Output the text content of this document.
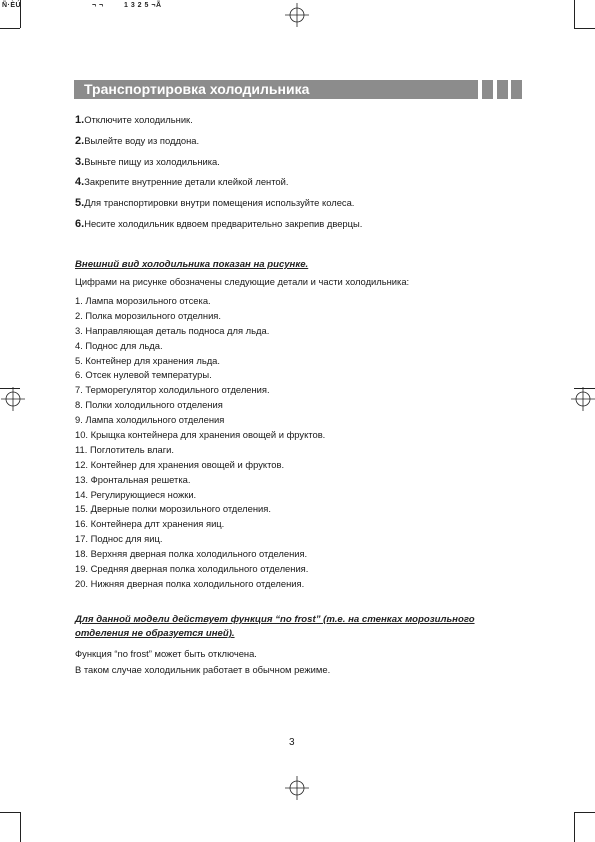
Ñ·ÈÚ	¬ ¬	1 3 2 5 ¬Ã
Транспортировка холодильника
1.Отключите холодильник.
2.Вылейте воду из поддона.
3.Выньте пищу из холодильника.
4.Закрепите внутренние детали клейкой лентой.
5.Для транспортировки внутри помещения используйте колеса.
6.Несите холодильник вдвоем предварительно закрепив дверцы.
Внешний вид холодильника показан на рисунке.
Цифрами на рисунке обозначены следующие детали и части холодильника:
1. Лампа морозильного отсека.
2. Полка морозильного отделния.
3. Направляющая деталь подноса для льда.
4. Поднос для льда.
5. Контейнер для хранения льда.
6. Отсек нулевой температуры.
7. Терморегулятор холодильного отделения.
8. Полки холодильного отделения
9. Лампа холодильного отделения
10. Крыщка контейнера для хранения овощей и фруктов.
11. Поглотитель влаги.
12. Контейнер для хранения овощей и фруктов.
13. Фронтальная решетка.
14. Регулирующиеся ножки.
15. Дверные полки морозильного отделения.
16. Контейнера длт хранения яиц.
17. Поднос для яиц.
18. Верхняя дверная полка холодильного отделения.
19. Средняя дверная полка холодильного отделения.
20. Нижняя дверная полка холодильного отделения.
Для данной модели действует функция “no frost” (т.е. на стенках морозильного
отделения не образуется иней).
Функция “no frost” может быть отключена.
В таком случае холодильник работает в обычном режиме.
3
